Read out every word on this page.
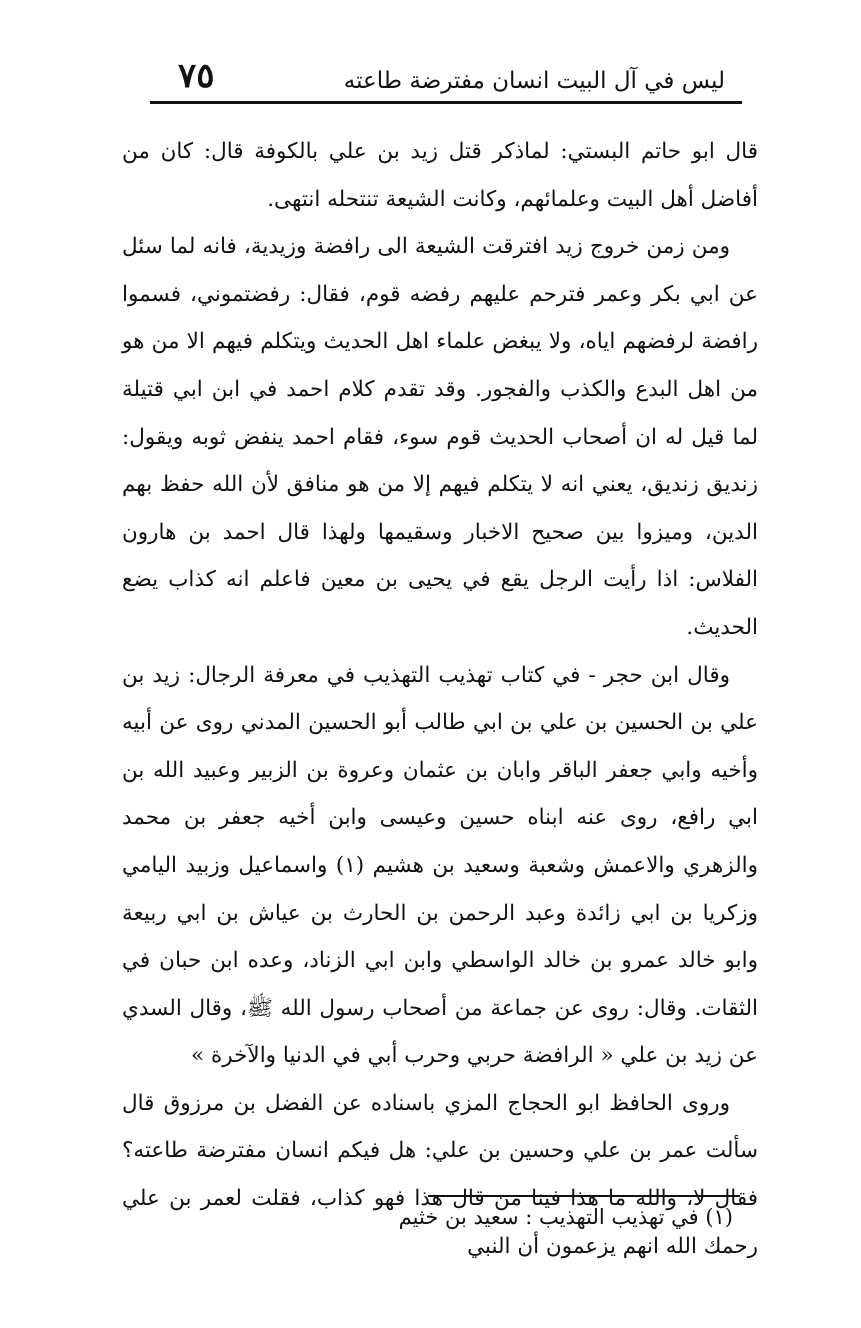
٧٥	ليس في آل البيت انسان مفترضة طاعته

قال ابو حاتم البستي: لماذكر قتل زيد بن علي بالكوفة قال: كان من أفاضل أهل البيت وعلمائهم، وكانت الشيعة تنتحله انتهى.

ومن زمن خروج زيد افترقت الشيعة الى رافضة وزيدية، فانه لما سئل عن ابي بكر وعمر فترحم عليهم رفضه قوم، فقال: رفضتموني، فسموا رافضة لرفضهم اياه، ولا يبغض علماء اهل الحديث ويتكلم فيهم الا من هو من اهل البدع والكذب والفجور. وقد تقدم كلام احمد في ابن ابي قتيلة لما قيل له ان أصحاب الحديث قوم سوء، فقام احمد ينفض ثوبه ويقول: زنديق زنديق، يعني انه لا يتكلم فيهم إلا من هو منافق لأن الله حفظ بهم الدين، وميزوا بين صحيح الاخبار وسقيمها ولهذا قال احمد بن هارون الفلاس: اذا رأيت الرجل يقع في يحيى بن معين فاعلم انه كذاب يضع الحديث.

وقال ابن حجر - في كتاب تهذيب التهذيب في معرفة الرجال: زيد بن علي بن الحسين بن علي بن ابي طالب أبو الحسين المدني روى عن أبيه وأخيه وابي جعفر الباقر وابان بن عثمان وعروة بن الزبير وعبيد الله بن ابي رافع، روى عنه ابناه حسين وعيسى وابن أخيه جعفر بن محمد والزهري والاعمش وشعبة وسعيد بن هشيم (١) واسماعيل وزبيد اليامي وزكريا بن ابي زائدة وعبد الرحمن بن الحارث بن عياش بن ابي ربيعة وابو خالد عمرو بن خالد الواسطي وابن ابي الزناد، وعده ابن حبان في الثقات. وقال: روى عن جماعة من أصحاب رسول الله ﷺ، وقال السدي عن زيد بن علي « الرافضة حربي وحرب أبي في الدنيا والآخرة »

وروى الحافظ ابو الحجاج المزي باسناده عن الفضل بن مرزوق قال سألت عمر بن علي وحسين بن علي: هل فيكم انسان مفترضة طاعته؟ فقال لا، والله ما هذا فينا من قال هذا فهو كذاب، فقلت لعمر بن علي رحمك الله انهم يزعمون أن النبي

(١) في تهذيب التهذيب : سعيد بن خثيم
